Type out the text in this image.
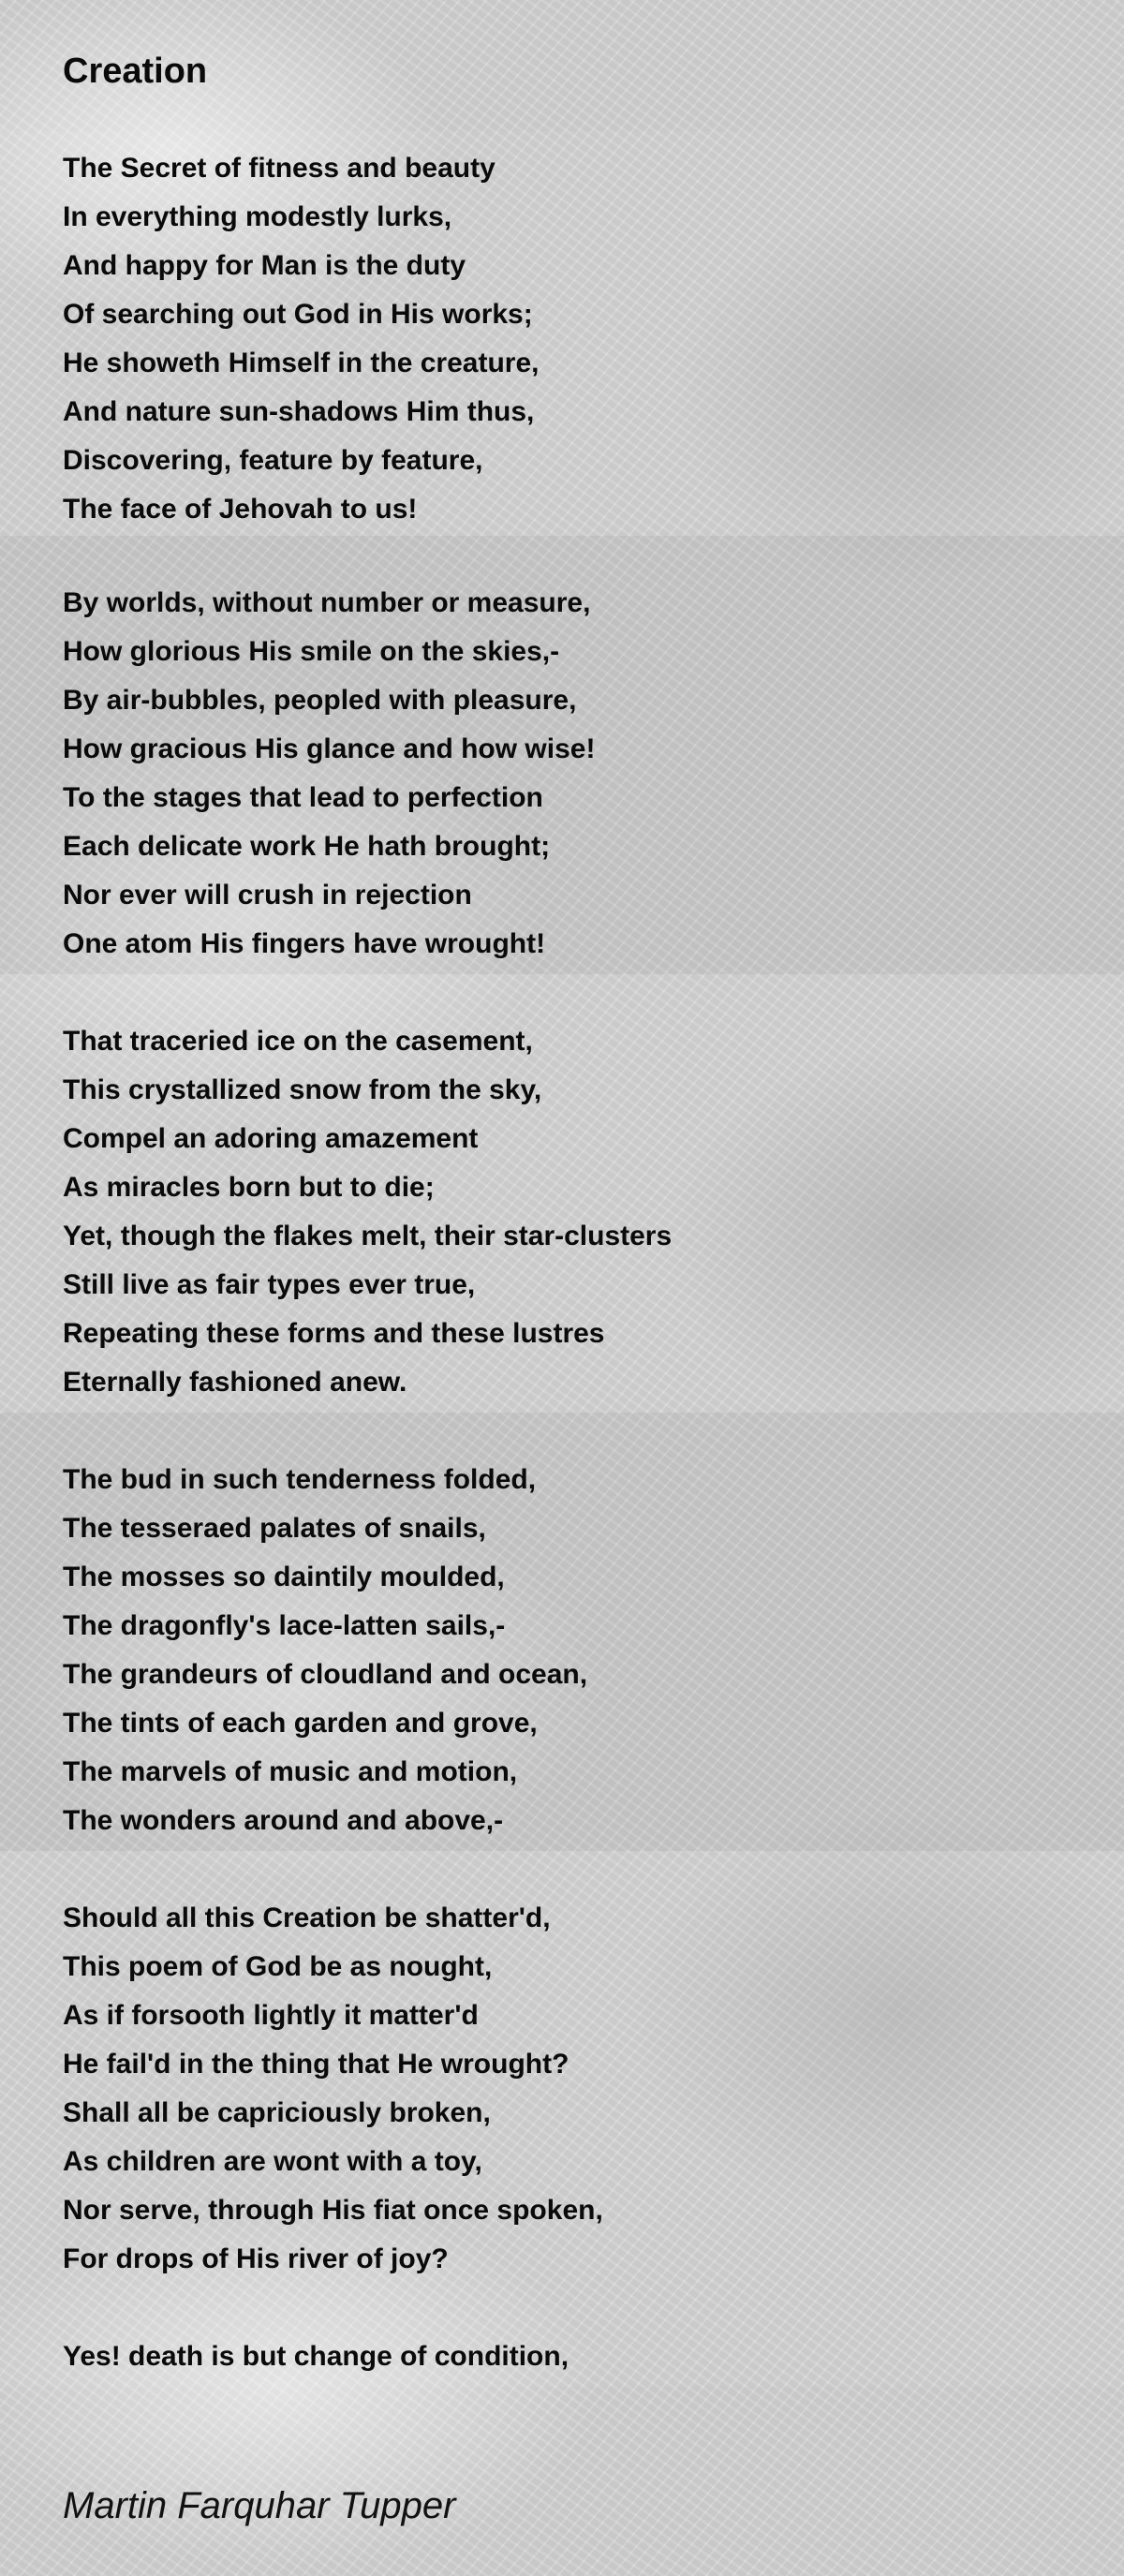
Creation
The Secret of fitness and beauty
In everything modestly lurks,
And happy for Man is the duty
Of searching out God in His works;
He showeth Himself in the creature,
And nature sun-shadows Him thus,
Discovering, feature by feature,
The face of Jehovah to us!
By worlds, without number or measure,
How glorious His smile on the skies,-
By air-bubbles, peopled with pleasure,
How gracious His glance and how wise!
To the stages that lead to perfection
Each delicate work He hath brought;
Nor ever will crush in rejection
One atom His fingers have wrought!
That traceried ice on the casement,
This crystallized snow from the sky,
Compel an adoring amazement
As miracles born but to die;
Yet, though the flakes melt, their star-clusters
Still live as fair types ever true,
Repeating these forms and these lustres
Eternally fashioned anew.
The bud in such tenderness folded,
The tesseraed palates of snails,
The mosses so daintily moulded,
The dragonfly's lace-latten sails,-
The grandeurs of cloudland and ocean,
The tints of each garden and grove,
The marvels of music and motion,
The wonders around and above,-
Should all this Creation be shatter'd,
This poem of God be as nought,
As if forsooth lightly it matter'd
He fail'd in the thing that He wrought?
Shall all be capriciously broken,
As children are wont with a toy,
Nor serve, through His fiat once spoken,
For drops of His river of joy?
Yes! death is but change of condition,

Martin Farquhar Tupper
